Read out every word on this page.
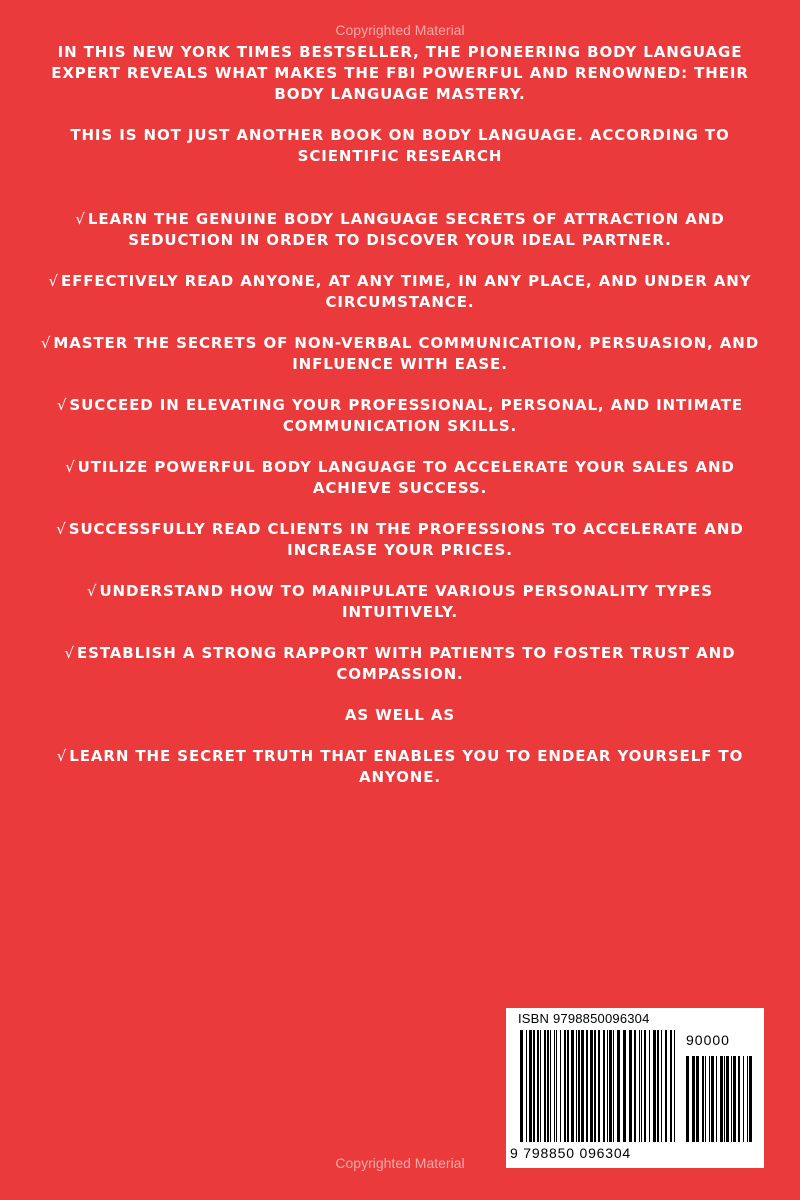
Copyrighted Material

IN THIS NEW YORK TIMES BESTSELLER, THE PIONEERING BODY LANGUAGE EXPERT REVEALS WHAT MAKES THE FBI POWERFUL AND RENOWNED: THEIR BODY LANGUAGE MASTERY.

THIS IS NOT JUST ANOTHER BOOK ON BODY LANGUAGE. ACCORDING TO SCIENTIFIC RESEARCH

√ LEARN THE GENUINE BODY LANGUAGE SECRETS OF ATTRACTION AND SEDUCTION IN ORDER TO DISCOVER YOUR IDEAL PARTNER.

√ EFFECTIVELY READ ANYONE, AT ANY TIME, IN ANY PLACE, AND UNDER ANY CIRCUMSTANCE.

√ MASTER THE SECRETS OF NON-VERBAL COMMUNICATION, PERSUASION, AND INFLUENCE WITH EASE.

√ SUCCEED IN ELEVATING YOUR PROFESSIONAL, PERSONAL, AND INTIMATE COMMUNICATION SKILLS.

√ UTILIZE POWERFUL BODY LANGUAGE TO ACCELERATE YOUR SALES AND ACHIEVE SUCCESS.

√ SUCCESSFULLY READ CLIENTS IN THE PROFESSIONS TO ACCELERATE AND INCREASE YOUR PRICES.

√ UNDERSTAND HOW TO MANIPULATE VARIOUS PERSONALITY TYPES INTUITIVELY.

√ ESTABLISH A STRONG RAPPORT WITH PATIENTS TO FOSTER TRUST AND COMPASSION.

AS WELL AS

√ LEARN THE SECRET TRUTH THAT ENABLES YOU TO ENDEAR YOURSELF TO ANYONE.

ISBN 9798850096304
90000
9 798850 096304
Copyrighted Material
